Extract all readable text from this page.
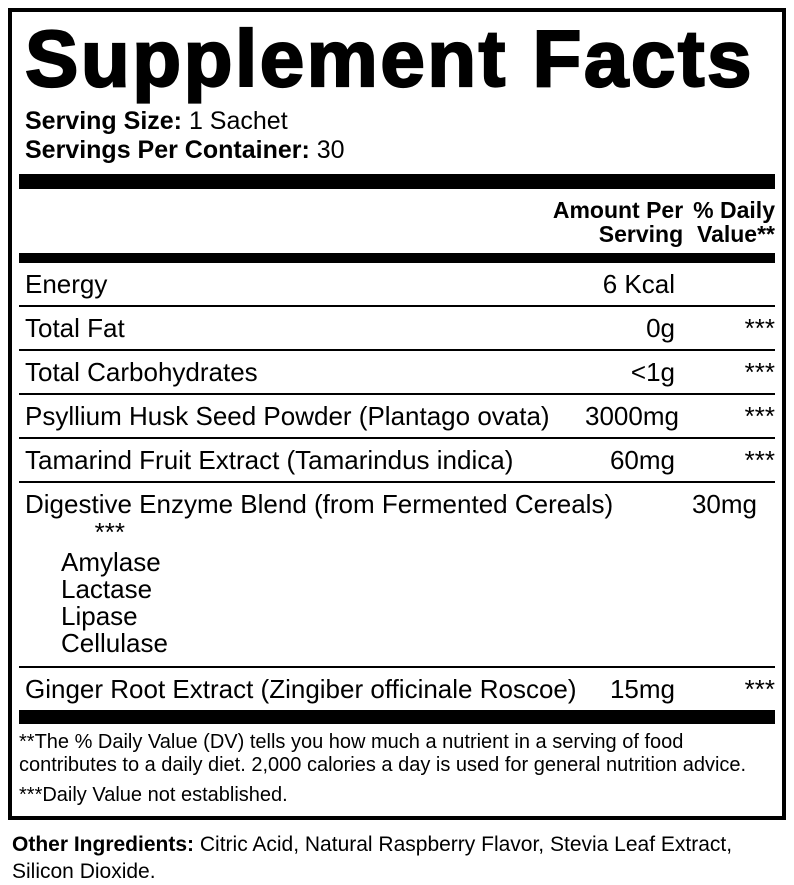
Supplement Facts
Serving Size: 1 Sachet
Servings Per Container: 30
Amount Per
Serving
% Daily
Value**
Energy	6 Kcal
Total Fat	0g	***
Total Carbohydrates	<1g	***
Psyllium Husk Seed Powder (Plantago ovata)	3000mg	***
Tamarind Fruit Extract (Tamarindus indica)	60mg	***
Digestive Enzyme Blend (from Fermented Cereals)	30mg
***
Amylase
Lactase
Lipase
Cellulase
Ginger Root Extract (Zingiber officinale Roscoe)	15mg	***
**The % Daily Value (DV) tells you how much a nutrient in a serving of food contributes to a daily diet. 2,000 calories a day is used for general nutrition advice.
***Daily Value not established.
Other Ingredients: Citric Acid, Natural Raspberry Flavor, Stevia Leaf Extract, Silicon Dioxide.
